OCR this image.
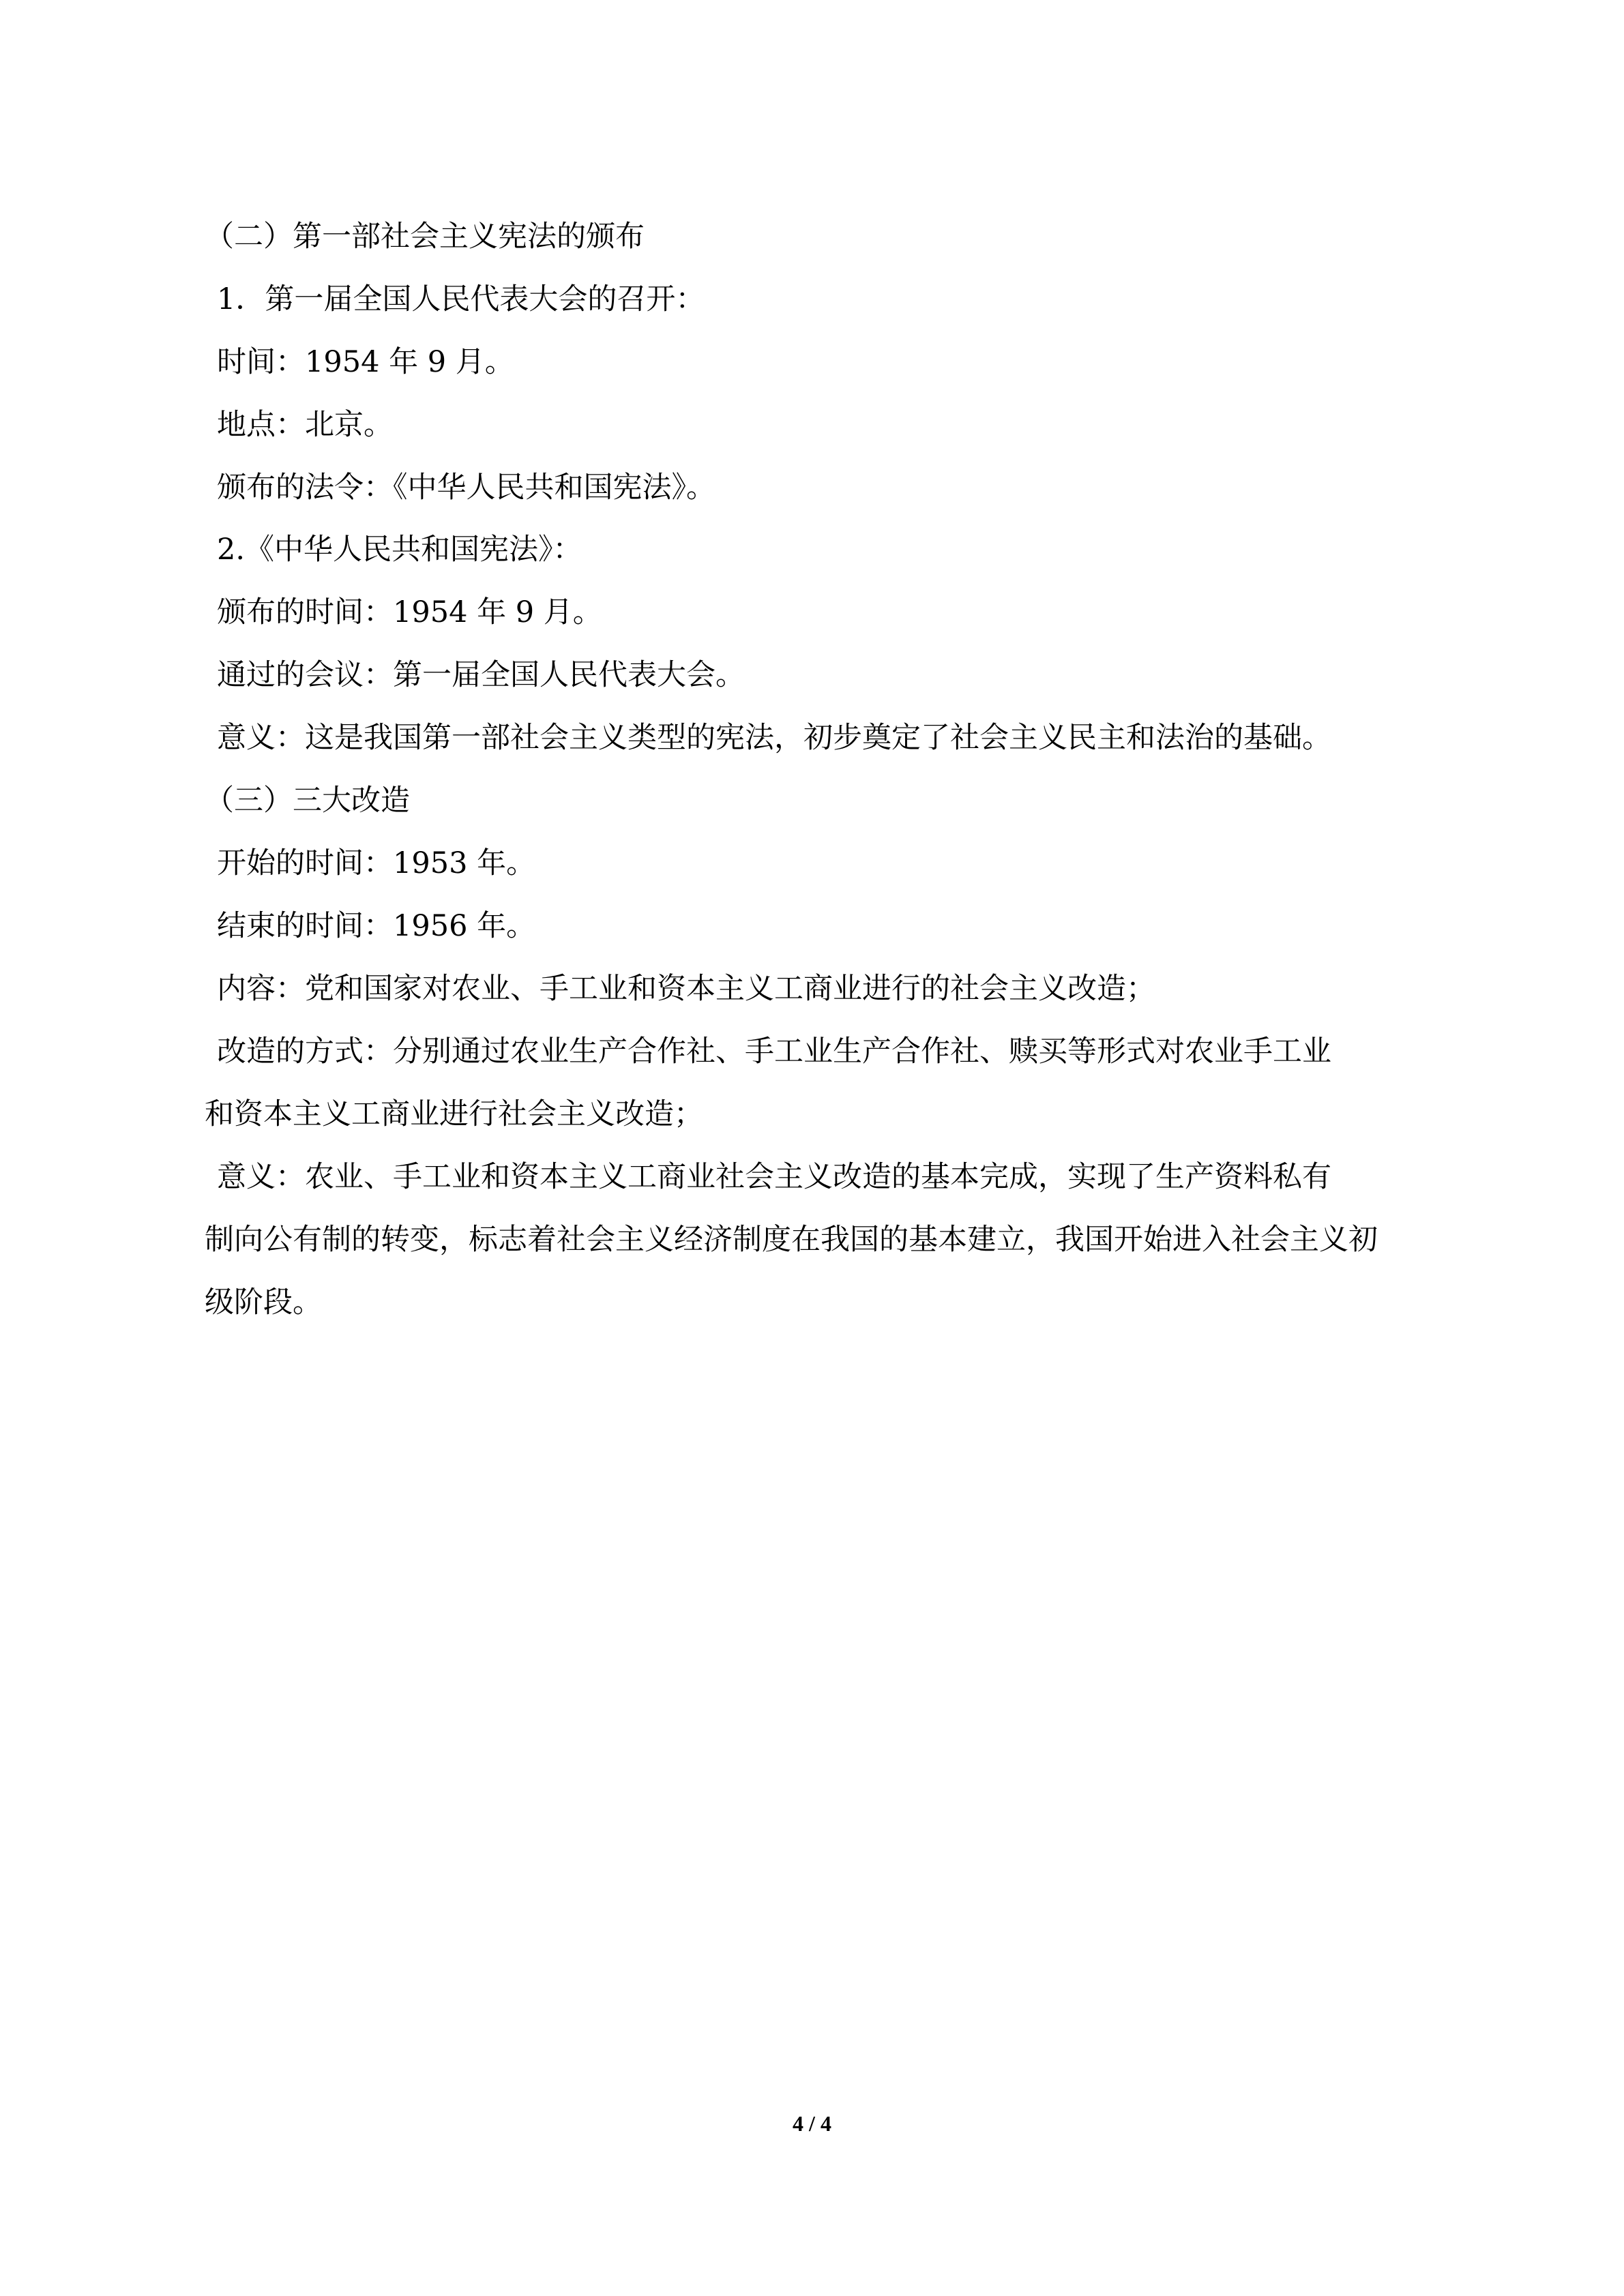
（二）第一部社会主义宪法的颁布
1．第一届全国人民代表大会的召开：
时间：1954 年 9 月。
地点：北京。
颁布的法令：《中华人民共和国宪法》。
2.《中华人民共和国宪法》：
颁布的时间：1954 年 9 月。
通过的会议：第一届全国人民代表大会。
意义：这是我国第一部社会主义类型的宪法，初步奠定了社会主义民主和法治的基础。
（三）三大改造
开始的时间：1953 年。
结束的时间：1956 年。
内容：党和国家对农业、手工业和资本主义工商业进行的社会主义改造；
改造的方式：分别通过农业生产合作社、手工业生产合作社、赎买等形式对农业手工业
和资本主义工商业进行社会主义改造；
意义：农业、手工业和资本主义工商业社会主义改造的基本完成，实现了生产资料私有
制向公有制的转变，标志着社会主义经济制度在我国的基本建立，我国开始进入社会主义初
级阶段。
4 / 4
